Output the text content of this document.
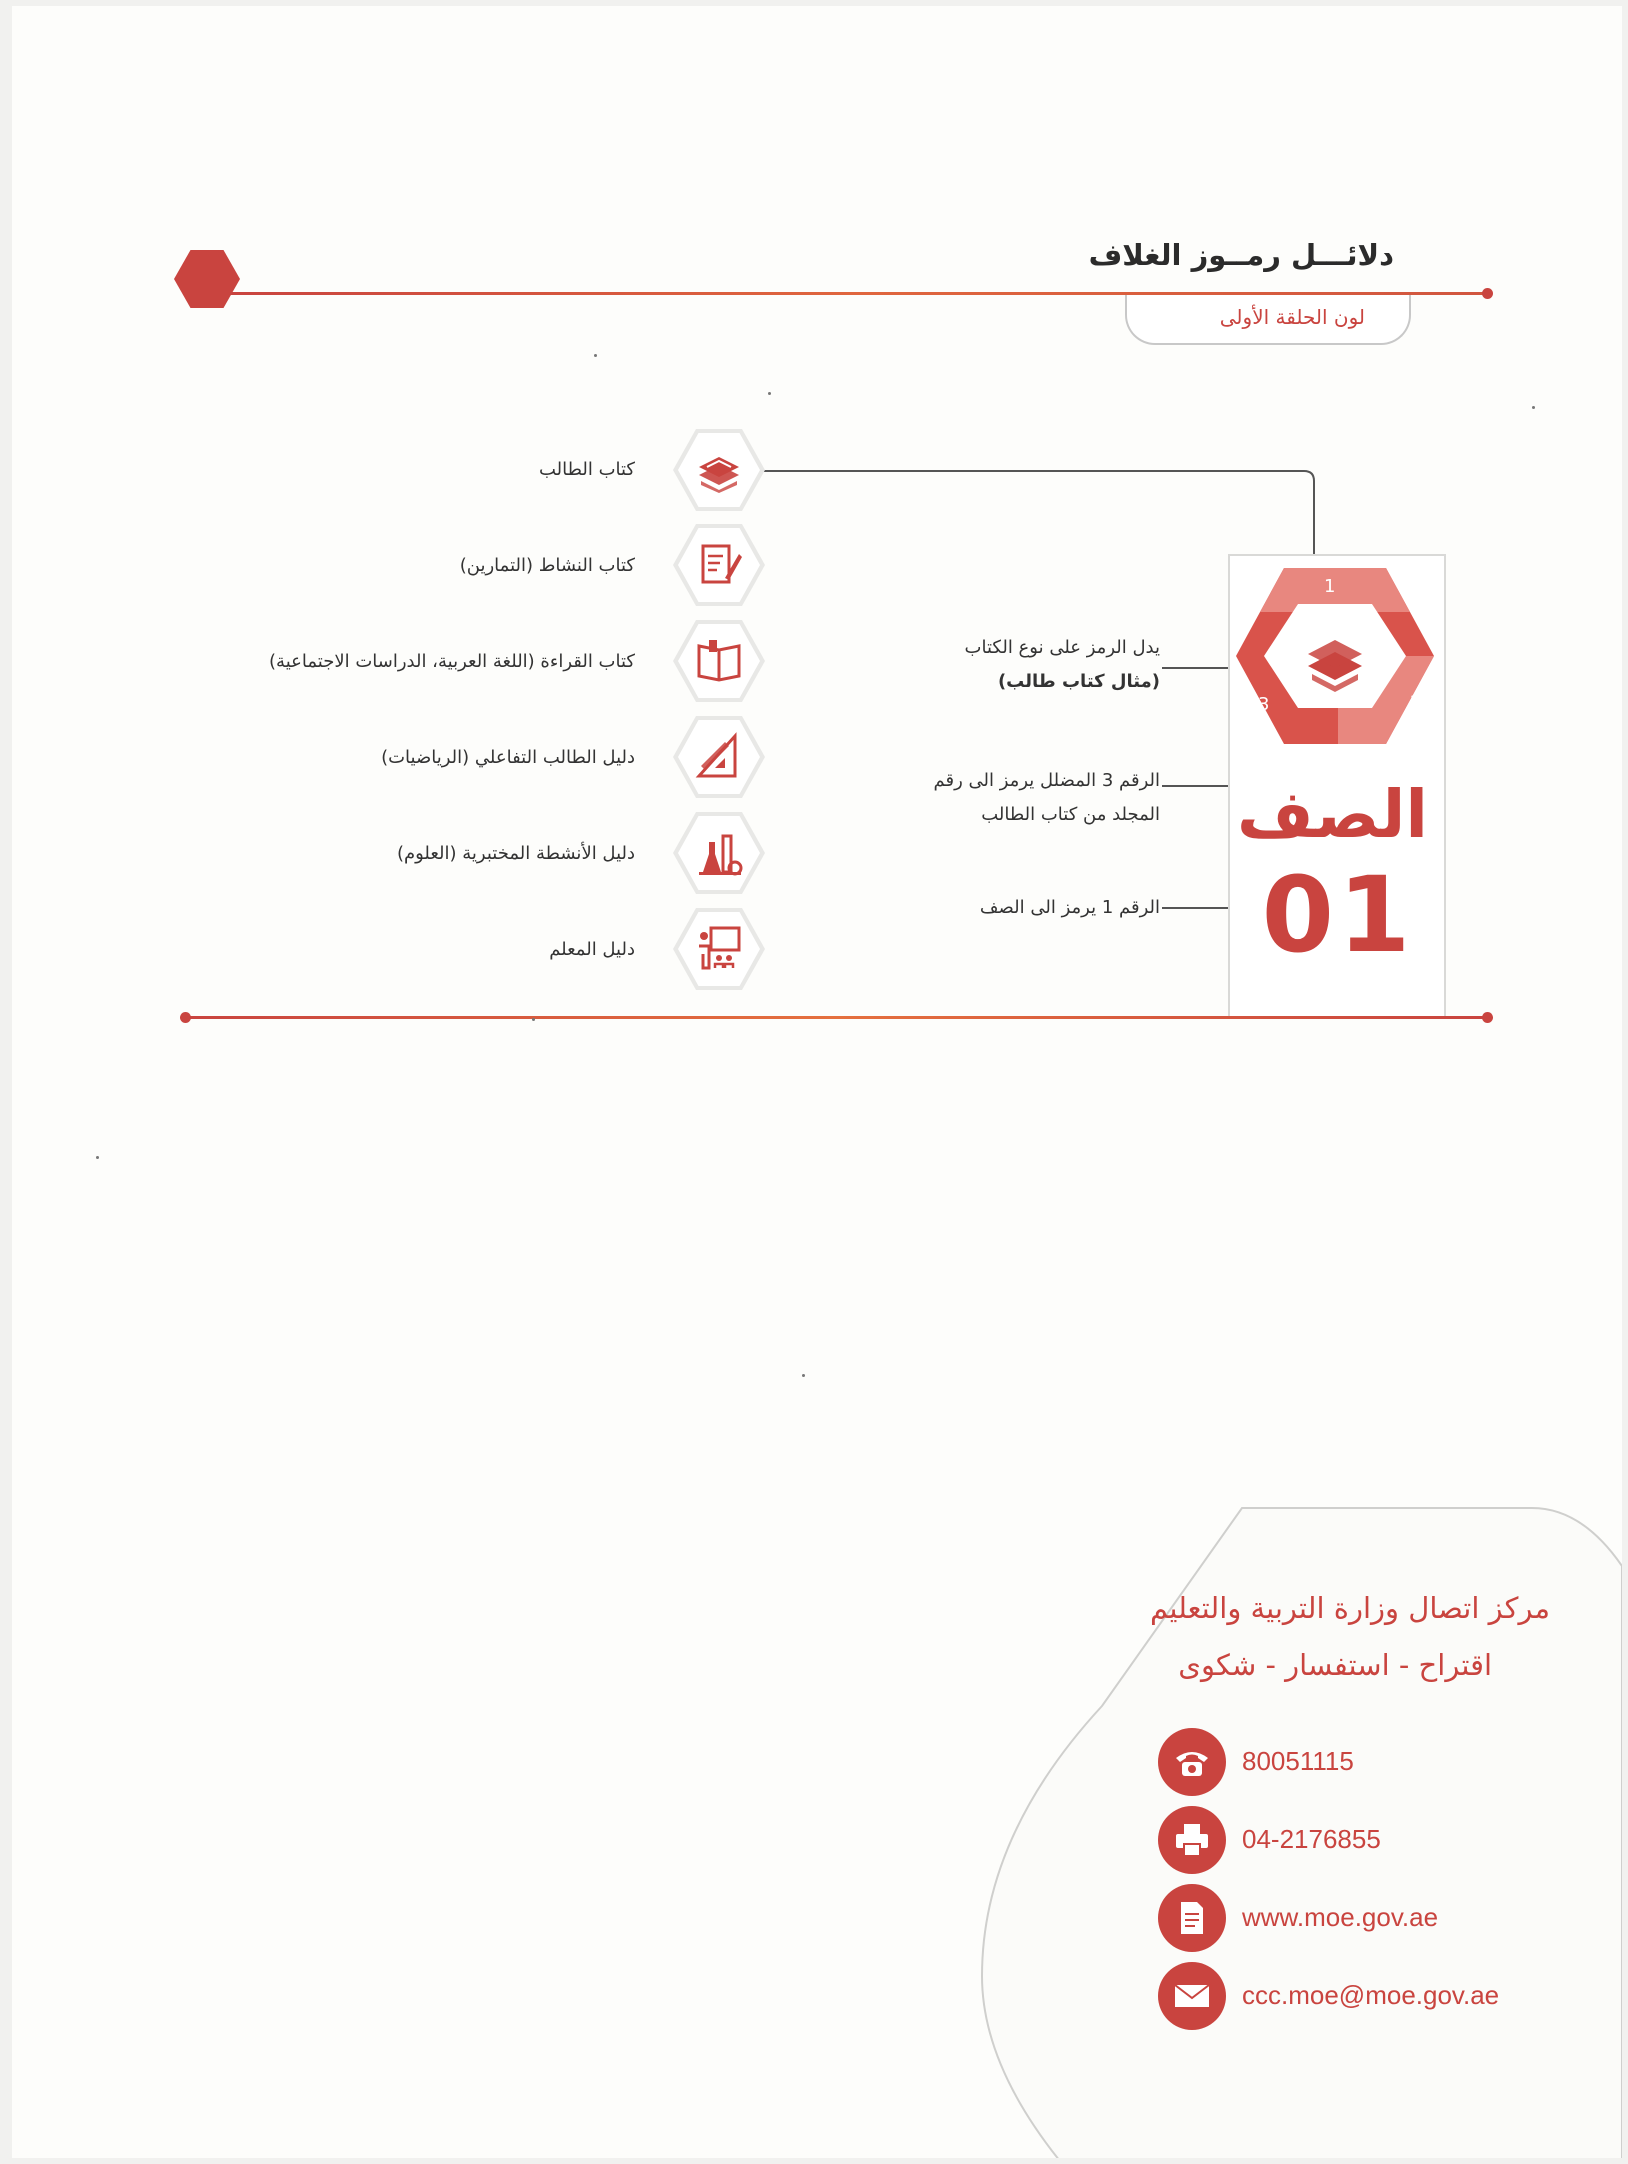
دلائـــل رمــوز الغلاف
لون الحلقة الأولى
كتاب الطالب
كتاب النشاط (التمارين)
كتاب القراءة (اللغة العربية، الدراسات الاجتماعية)
دليل الطالب التفاعلي (الرياضيات)
دليل الأنشطة المختبرية (العلوم)
دليل المعلم
يدل الرمز على نوع الكتاب
(مثال كتاب طالب)
الرقم 3 المضلل يرمز الى رقم
المجلد من كتاب الطالب
الرقم 1 يرمز الى الصف
1
2
3
الصف
01
مركز اتصال وزارة التربية والتعليم
اقتراح - استفسار - شكوى
80051115
04-2176855
www.moe.gov.ae
ccc.moe@moe.gov.ae
